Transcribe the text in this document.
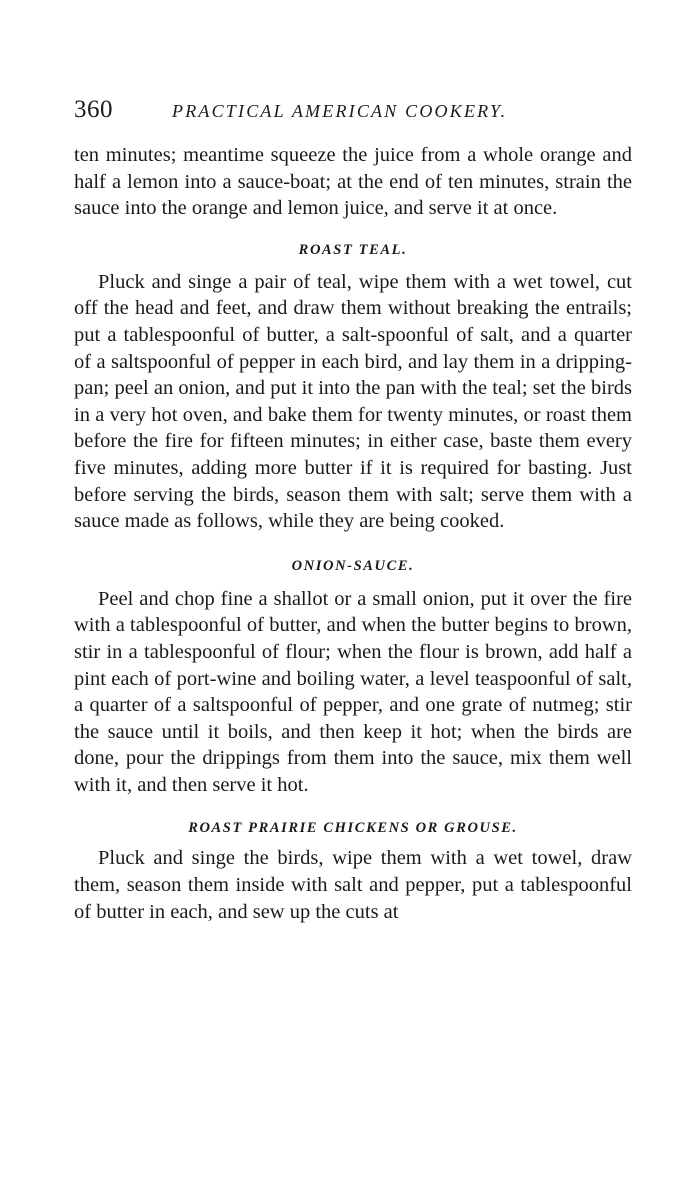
360	PRACTICAL AMERICAN COOKERY.

ten minutes; meantime squeeze the juice from a whole orange and half a lemon into a sauce-boat; at the end of ten minutes, strain the sauce into the orange and lemon juice, and serve it at once.

ROAST TEAL.

Pluck and singe a pair of teal, wipe them with a wet towel, cut off the head and feet, and draw them without breaking the entrails; put a tablespoonful of butter, a salt-spoonful of salt, and a quarter of a saltspoonful of pepper in each bird, and lay them in a dripping-pan; peel an onion, and put it into the pan with the teal; set the birds in a very hot oven, and bake them for twenty minutes, or roast them before the fire for fifteen minutes; in either case, baste them every five minutes, adding more butter if it is required for basting. Just before serving the birds, season them with salt; serve them with a sauce made as follows, while they are being cooked.

ONION-SAUCE.

Peel and chop fine a shallot or a small onion, put it over the fire with a tablespoonful of butter, and when the butter begins to brown, stir in a tablespoonful of flour; when the flour is brown, add half a pint each of port-wine and boiling water, a level teaspoonful of salt, a quarter of a saltspoonful of pepper, and one grate of nutmeg; stir the sauce until it boils, and then keep it hot; when the birds are done, pour the drippings from them into the sauce, mix them well with it, and then serve it hot.

ROAST PRAIRIE CHICKENS OR GROUSE.

Pluck and singe the birds, wipe them with a wet towel, draw them, season them inside with salt and pepper, put a tablespoonful of butter in each, and sew up the cuts at
